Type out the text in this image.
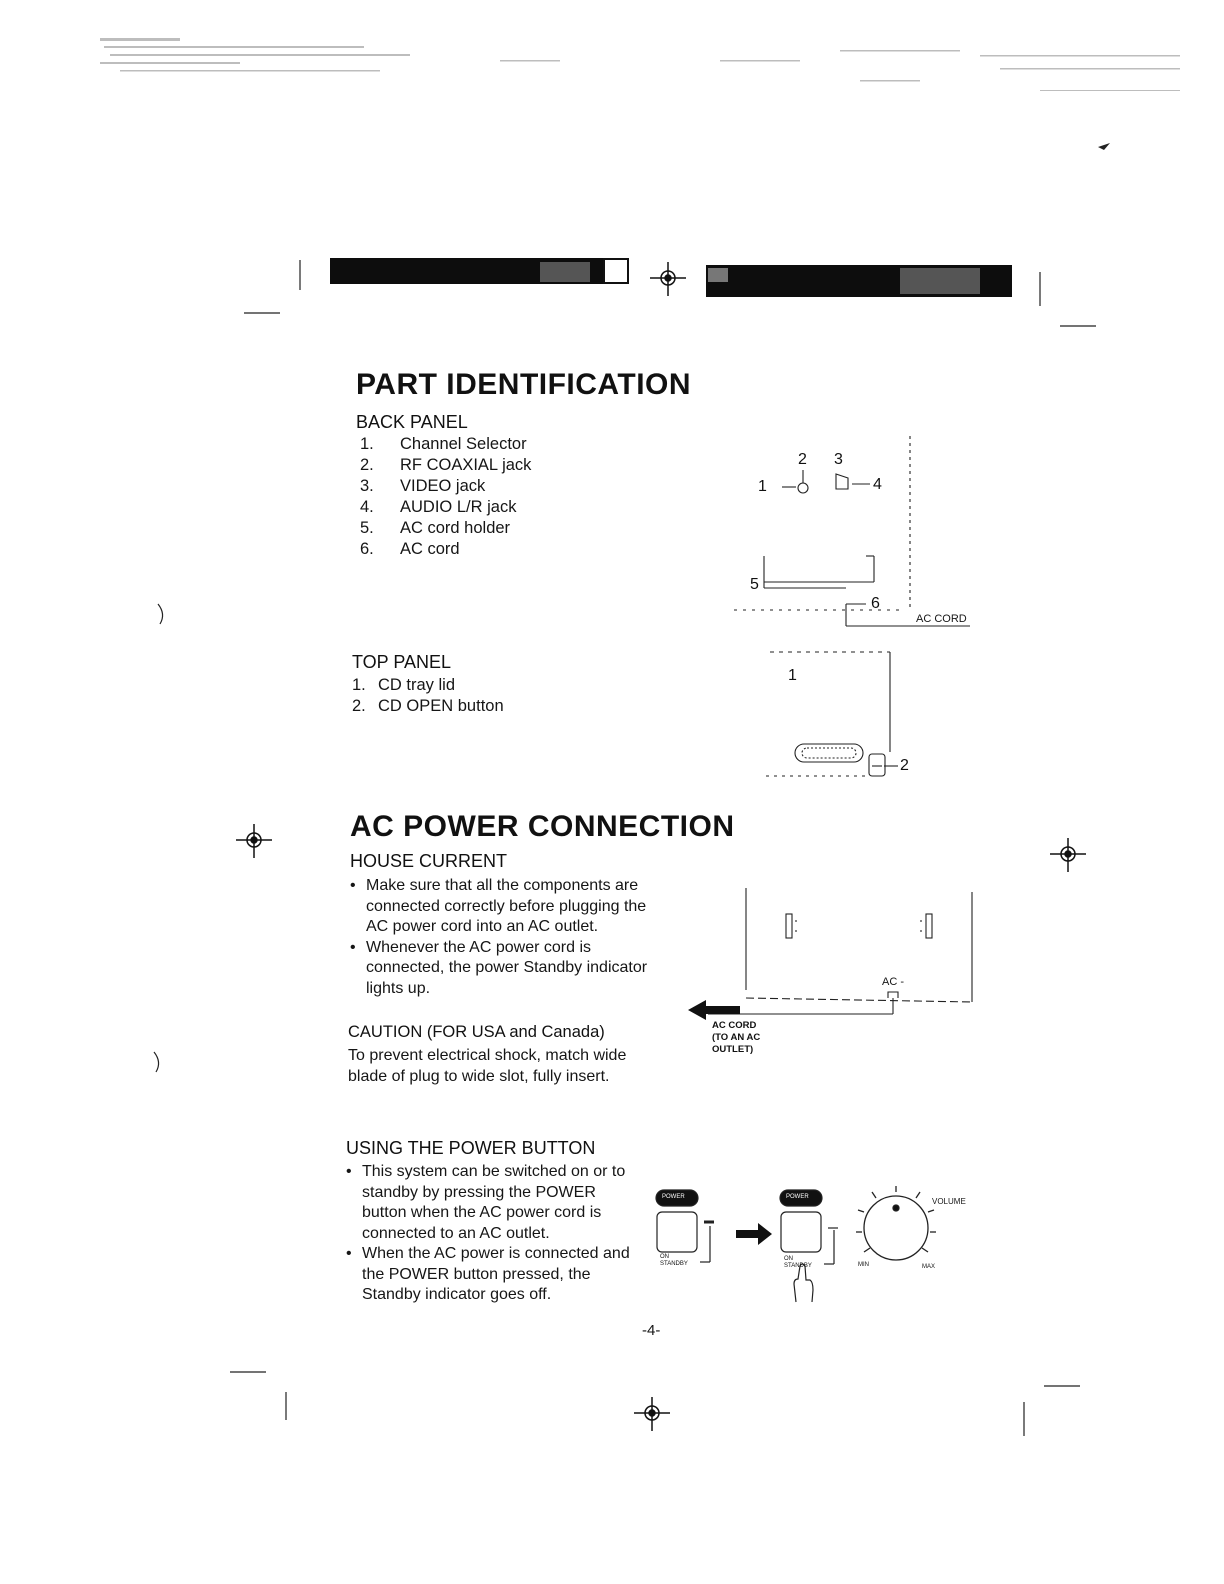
PART IDENTIFICATION
BACK PANEL
1. Channel Selector
2. RF COAXIAL jack
3. VIDEO jack
4. AUDIO L/R jack
5. AC cord holder
6. AC cord
1
2 3
4
5
6
AC CORD
TOP PANEL
1. CD tray lid
2. CD OPEN button
1
2
AC POWER CONNECTION
HOUSE CURRENT
• Make sure that all the components are connected correctly before plugging the AC power cord into an AC outlet.
• Whenever the AC power cord is connected, the power Standby indicator lights up.
CAUTION (FOR USA and Canada)
To prevent electrical shock, match wide blade of plug to wide slot, fully insert.
AC -
AC CORD
(TO AN AC
OUTLET)
USING THE POWER BUTTON
• This system can be switched on or to standby by pressing the POWER button when the AC power cord is connected to an AC outlet.
• When the AC power is connected and the POWER button pressed, the Standby indicator goes off.
POWER	POWER
ON
STANDBY
ON
STANDBY
VOLUME
MIN	MAX
-4-
